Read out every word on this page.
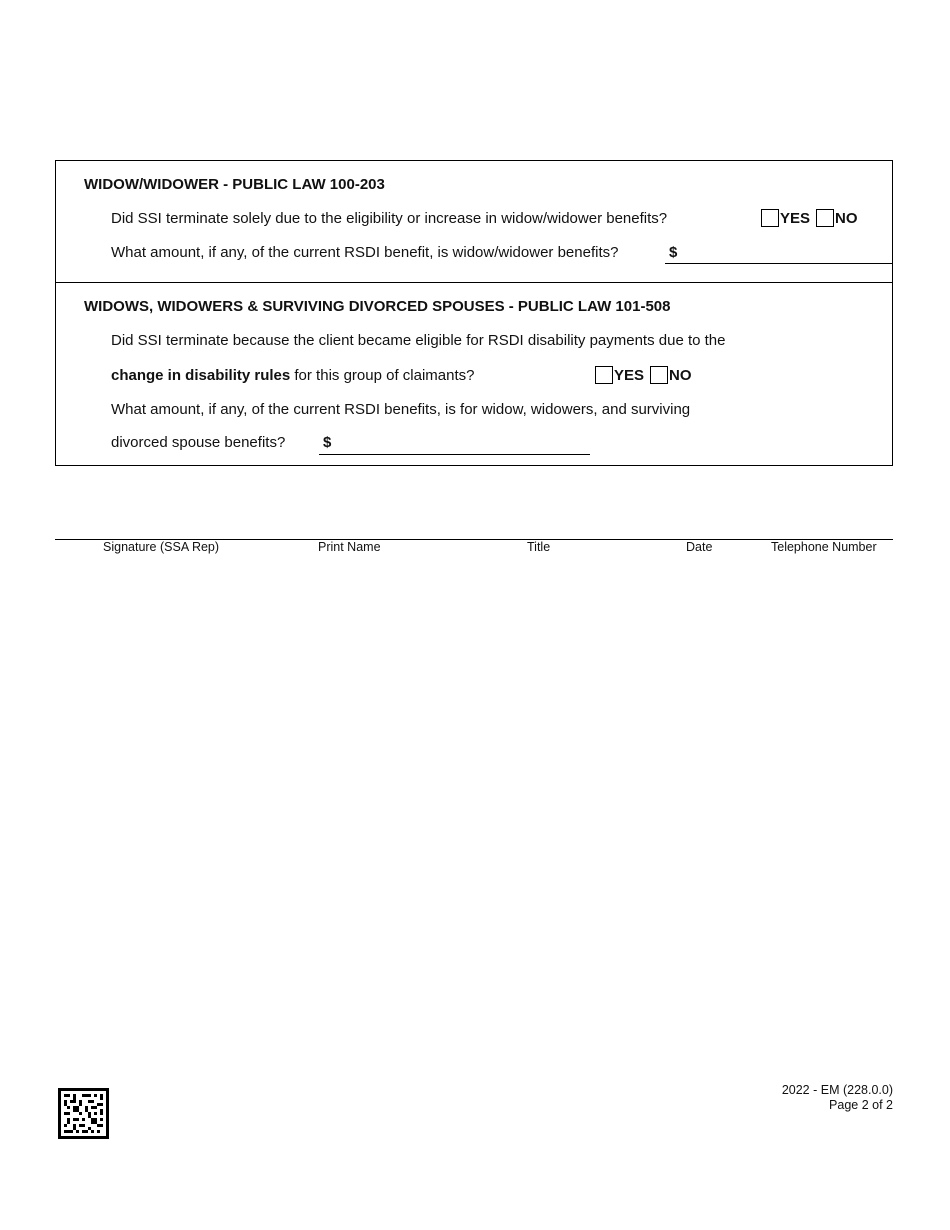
WIDOW/WIDOWER - PUBLIC LAW 100-203
Did SSI terminate solely due to the eligibility or increase in widow/widower benefits?	YES NO
What amount, if any, of the current RSDI benefit, is widow/widower benefits?	$
WIDOWS, WIDOWERS & SURVIVING DIVORCED SPOUSES - PUBLIC LAW 101-508
Did SSI terminate because the client became eligible for RSDI disability payments due to the
change in disability rules for this group of claimants?	YES NO
What amount, if any, of the current RSDI benefits, is for widow, widowers, and surviving
divorced spouse benefits?	$
Signature (SSA Rep)	Print Name	Title	Date	Telephone Number
2022 - EM (228.0.0)
Page 2 of 2
